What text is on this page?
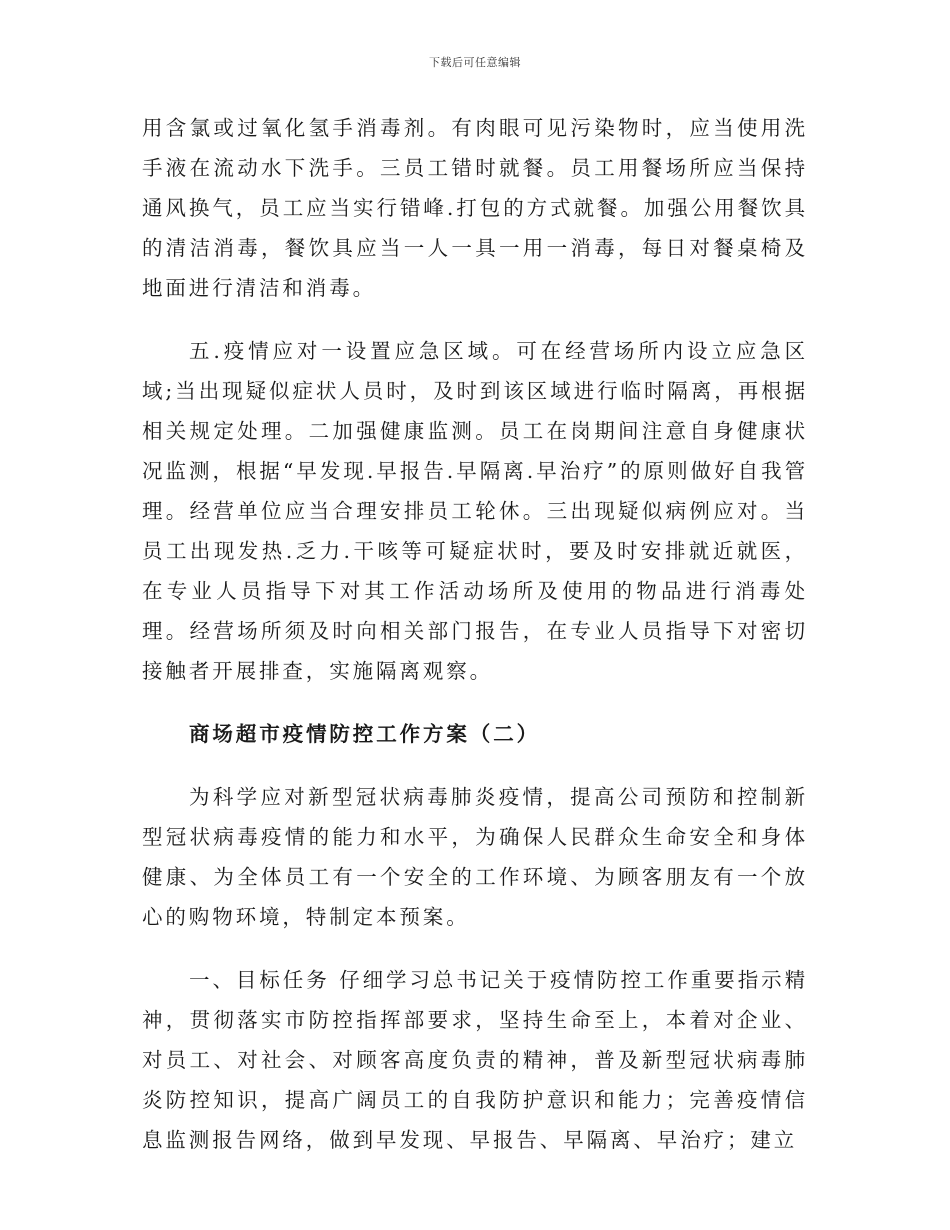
下载后可任意编辑

用含氯或过氧化氢手消毒剂。有肉眼可见污染物时，应当使用洗手液在流动水下洗手。三员工错时就餐。员工用餐场所应当保持通风换气，员工应当实行错峰.打包的方式就餐。加强公用餐饮具的清洁消毒，餐饮具应当一人一具一用一消毒，每日对餐桌椅及地面进行清洁和消毒。

五.疫情应对一设置应急区域。可在经营场所内设立应急区域;当出现疑似症状人员时，及时到该区域进行临时隔离，再根据相关规定处理。二加强健康监测。员工在岗期间注意自身健康状况监测，根据“早发现.早报告.早隔离.早治疗”的原则做好自我管理。经营单位应当合理安排员工轮休。三出现疑似病例应对。当员工出现发热.乏力.干咳等可疑症状时，要及时安排就近就医，在专业人员指导下对其工作活动场所及使用的物品进行消毒处理。经营场所须及时向相关部门报告，在专业人员指导下对密切接触者开展排查，实施隔离观察。

商场超市疫情防控工作方案（二）

为科学应对新型冠状病毒肺炎疫情，提高公司预防和控制新型冠状病毒疫情的能力和水平，为确保人民群众生命安全和身体健康、为全体员工有一个安全的工作环境、为顾客朋友有一个放心的购物环境，特制定本预案。

一、目标任务 仔细学习总书记关于疫情防控工作重要指示精神，贯彻落实市防控指挥部要求，坚持生命至上，本着对企业、对员工、对社会、对顾客高度负责的精神，普及新型冠状病毒肺炎防控知识，提高广阔员工的自我防护意识和能力；完善疫情信息监测报告网络，做到早发现、早报告、早隔离、早治疗；建立
